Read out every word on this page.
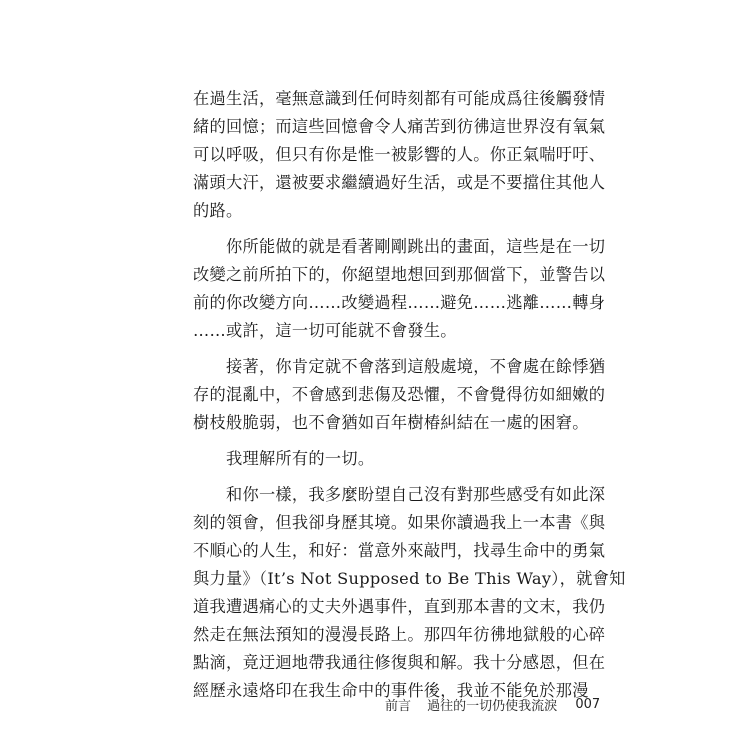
在過生活，毫無意識到任何時刻都有可能成爲往後觸發情
緒的回憶；而這些回憶會令人痛苦到彷彿這世界沒有氧氣
可以呼吸，但只有你是惟一被影響的人。你正氣喘吁吁、
滿頭大汗，還被要求繼續過好生活，或是不要擋住其他人
的路。
　　你所能做的就是看著剛剛跳出的畫面，這些是在一切
改變之前所拍下的，你絕望地想回到那個當下，並警告以
前的你改變方向……改變過程……避免……逃離……轉身
……或許，這一切可能就不會發生。
　　接著，你肯定就不會落到這般處境，不會處在餘悸猶
存的混亂中，不會感到悲傷及恐懼，不會覺得彷如細嫩的
樹枝般脆弱，也不會猶如百年樹椿糾結在一處的困窘。
　　我理解所有的一切。
　　和你一樣，我多麼盼望自己沒有對那些感受有如此深
刻的領會，但我卻身歷其境。如果你讀過我上一本書《與
不順心的人生，和好：當意外來敲門，找尋生命中的勇氣
與力量》（It’s Not Supposed to Be This Way），就會知
道我遭遇痛心的丈夫外遇事件，直到那本書的文末，我仍
然走在無法預知的漫漫長路上。那四年彷彿地獄般的心碎
點滴，竟迂迴地帶我通往修復與和解。我十分感恩，但在
經歷永遠烙印在我生命中的事件後，我並不能免於那漫
前言 過往的一切仍使我流淚 007
